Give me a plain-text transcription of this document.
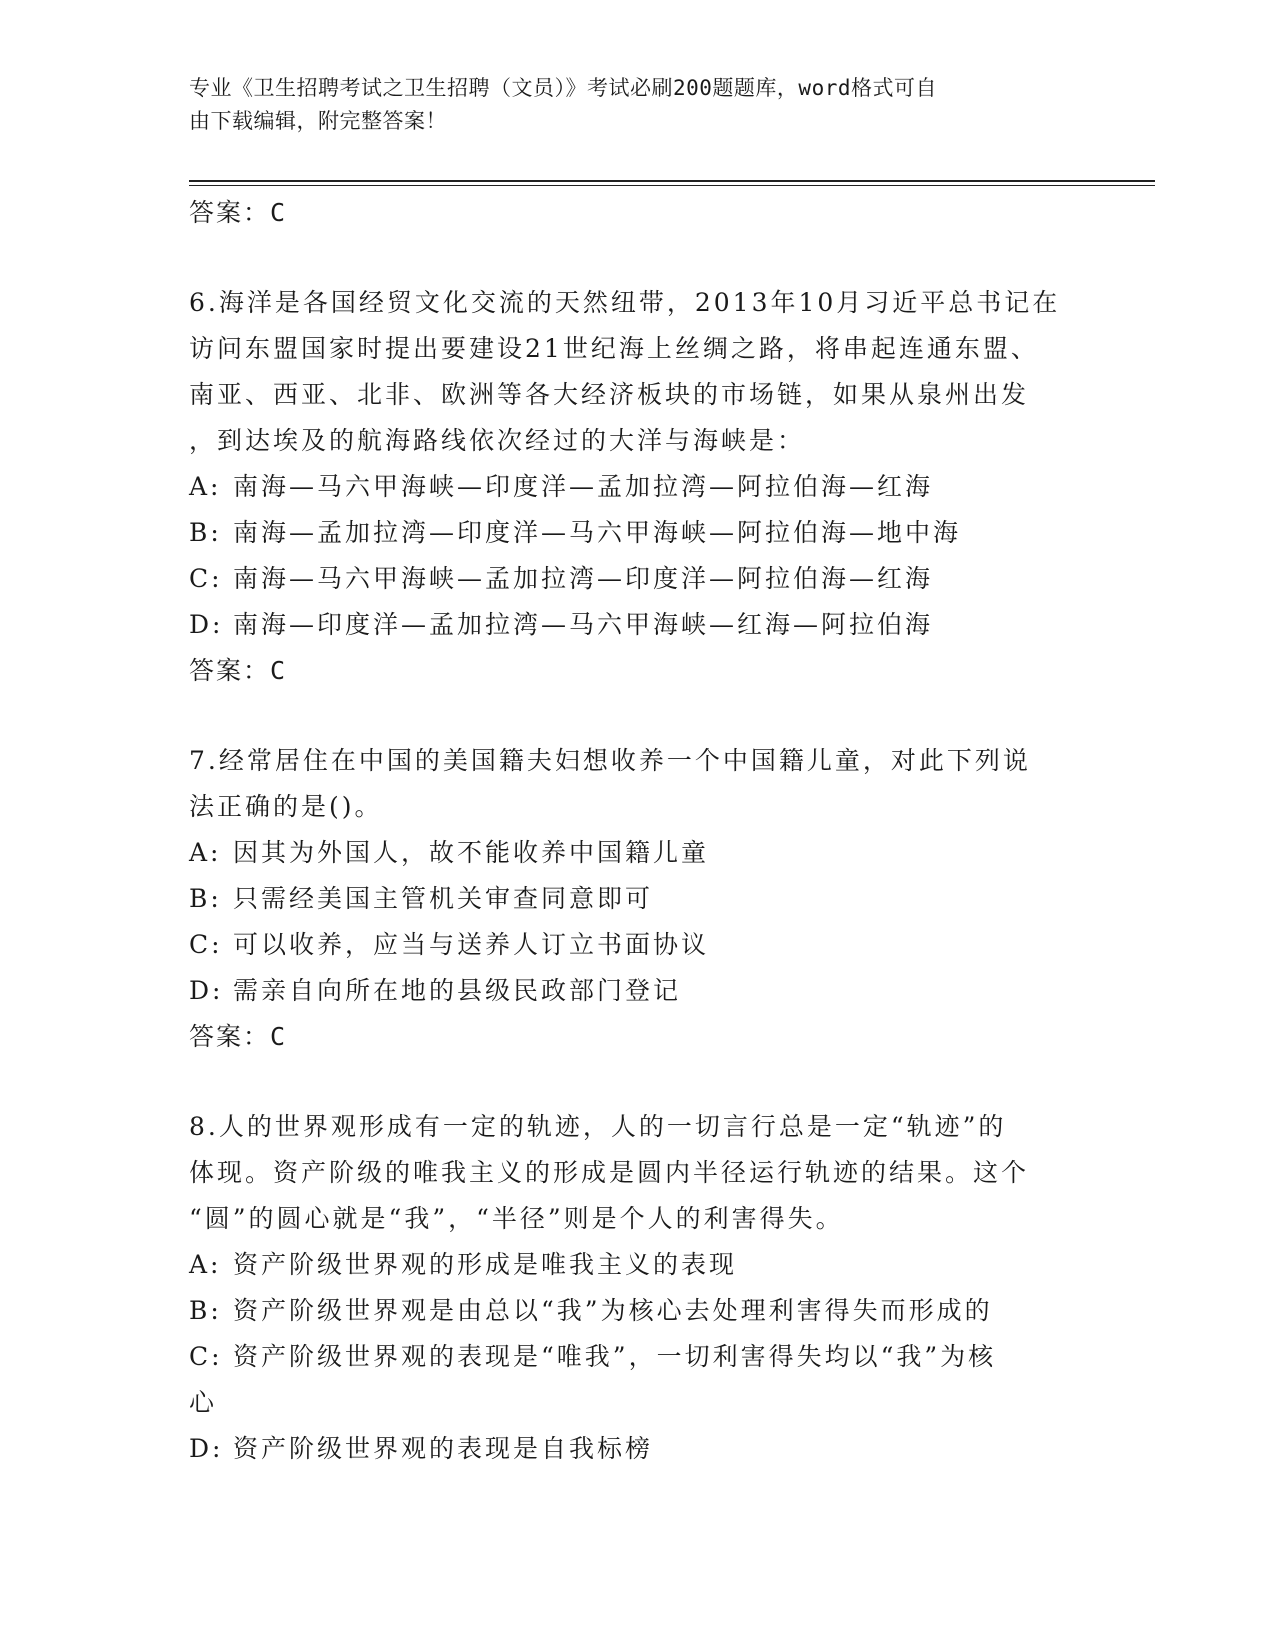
专业《卫生招聘考试之卫生招聘（文员）》考试必刷200题题库，word格式可自
由下载编辑，附完整答案！
答案：C
6.海洋是各国经贸文化交流的天然纽带，2013年10月习近平总书记在
访问东盟国家时提出要建设21世纪海上丝绸之路，将串起连通东盟、
南亚、西亚、北非、欧洲等各大经济板块的市场链，如果从泉州出发
，到达埃及的航海路线依次经过的大洋与海峡是：
A: 南海—马六甲海峡—印度洋—孟加拉湾—阿拉伯海—红海
B: 南海—孟加拉湾—印度洋—马六甲海峡—阿拉伯海—地中海
C: 南海—马六甲海峡—孟加拉湾—印度洋—阿拉伯海—红海
D: 南海—印度洋—孟加拉湾—马六甲海峡—红海—阿拉伯海
答案：C
7.经常居住在中国的美国籍夫妇想收养一个中国籍儿童，对此下列说
法正确的是()。
A: 因其为外国人，故不能收养中国籍儿童
B: 只需经美国主管机关审查同意即可
C: 可以收养，应当与送养人订立书面协议
D: 需亲自向所在地的县级民政部门登记
答案：C
8.人的世界观形成有一定的轨迹，人的一切言行总是一定“轨迹”的
体现。资产阶级的唯我主义的形成是圆内半径运行轨迹的结果。这个
“圆”的圆心就是“我”，“半径”则是个人的利害得失。
A: 资产阶级世界观的形成是唯我主义的表现
B: 资产阶级世界观是由总以“我”为核心去处理利害得失而形成的
C: 资产阶级世界观的表现是“唯我”，一切利害得失均以“我”为核
心
D: 资产阶级世界观的表现是自我标榜
